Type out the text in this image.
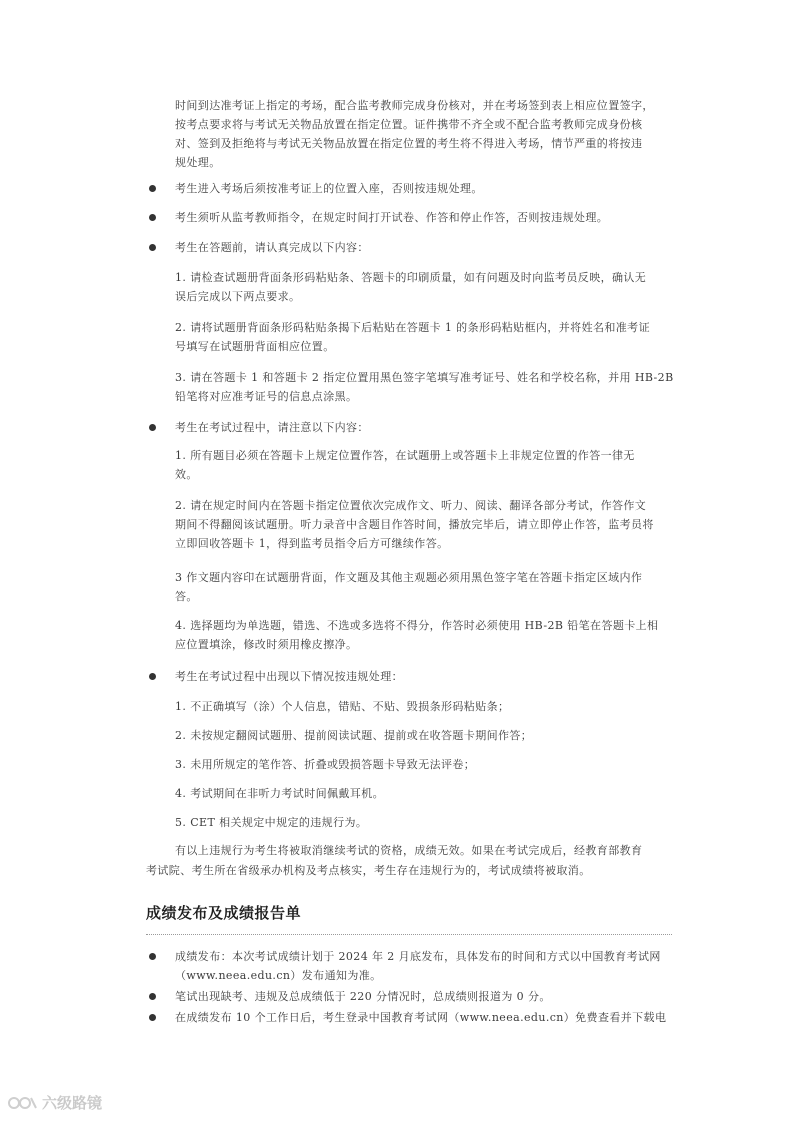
时间到达准考证上指定的考场，配合监考教师完成身份核对，并在考场签到表上相应位置签字，
按考点要求将与考试无关物品放置在指定位置。证件携带不齐全或不配合监考教师完成身份核
对、签到及拒绝将与考试无关物品放置在指定位置的考生将不得进入考场，情节严重的将按违
规处理。

考生进入考场后须按准考证上的位置入座，否则按违规处理。

考生须听从监考教师指令，在规定时间打开试卷、作答和停止作答，否则按违规处理。

考生在答题前，请认真完成以下内容：

1. 请检查试题册背面条形码粘贴条、答题卡的印刷质量，如有问题及时向监考员反映，确认无
误后完成以下两点要求。

2. 请将试题册背面条形码粘贴条揭下后粘贴在答题卡 1 的条形码粘贴框内，并将姓名和准考证
号填写在试题册背面相应位置。

3. 请在答题卡 1 和答题卡 2 指定位置用黑色签字笔填写准考证号、姓名和学校名称，并用 HB-2B
铅笔将对应准考证号的信息点涂黑。

考生在考试过程中，请注意以下内容：

1. 所有题目必须在答题卡上规定位置作答，在试题册上或答题卡上非规定位置的作答一律无
效。

2. 请在规定时间内在答题卡指定位置依次完成作文、听力、阅读、翻译各部分考试，作答作文
期间不得翻阅该试题册。听力录音中含题目作答时间，播放完毕后，请立即停止作答，监考员将
立即回收答题卡 1，得到监考员指令后方可继续作答。

3 作文题内容印在试题册背面，作文题及其他主观题必须用黑色签字笔在答题卡指定区域内作
答。

4. 选择题均为单选题，错选、不选或多选将不得分，作答时必须使用 HB-2B 铅笔在答题卡上相
应位置填涂，修改时须用橡皮擦净。

考生在考试过程中出现以下情况按违规处理：

1. 不正确填写（涂）个人信息，错贴、不贴、毁损条形码粘贴条；

2. 未按规定翻阅试题册、提前阅读试题、提前或在收答题卡期间作答；

3. 未用所规定的笔作答、折叠或毁损答题卡导致无法评卷；

4. 考试期间在非听力考试时间佩戴耳机。

5. CET 相关规定中规定的违规行为。

有以上违规行为考生将被取消继续考试的资格，成绩无效。如果在考试完成后，经教育部教育

考试院、考生所在省级承办机构及考点核实，考生存在违规行为的，考试成绩将被取消。

成绩发布及成绩报告单

成绩发布：本次考试成绩计划于 2024 年 2 月底发布，具体发布的时间和方式以中国教育考试网
（www.neea.edu.cn）发布通知为准。

笔试出现缺考、违规及总成绩低于 220 分情况时，总成绩则报道为 0 分。

在成绩发布 10 个工作日后，考生登录中国教育考试网（www.neea.edu.cn）免费查看并下载电

六级路镜
